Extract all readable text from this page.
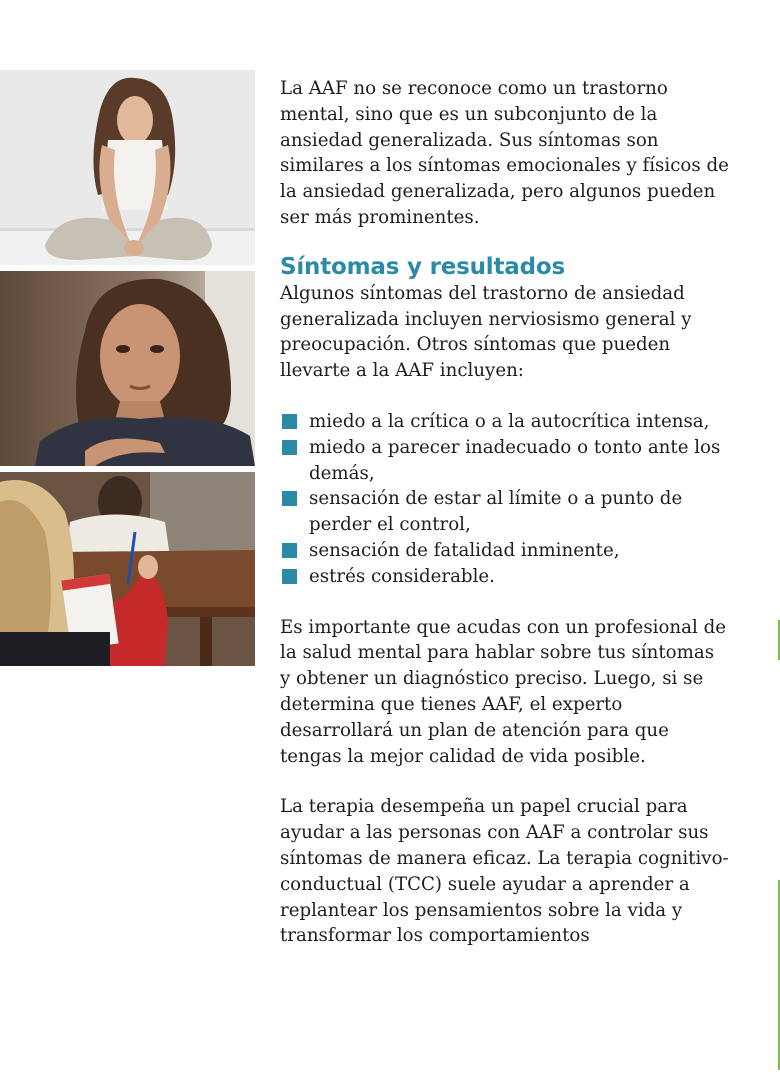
La AAF no se reconoce como un trastorno mental, sino que es un subconjunto de la ansiedad generalizada. Sus síntomas son similares a los síntomas emocionales y físicos de la ansiedad generalizada, pero algunos pueden ser más prominentes.

Síntomas y resultados

Algunos síntomas del trastorno de ansiedad generalizada incluyen nerviosismo general y preocupación. Otros síntomas que pueden llevarte a la AAF incluyen:

miedo a la crítica o a la autocrítica intensa,
miedo a parecer inadecuado o tonto ante los demás,
sensación de estar al límite o a punto de perder el control,
sensación de fatalidad inminente,
estrés considerable.

Es importante que acudas con un profesional de la salud mental para hablar sobre tus síntomas y obtener un diagnóstico preciso. Luego, si se determina que tienes AAF, el experto desarrollará un plan de atención para que tengas la mejor calidad de vida posible.

La terapia desempeña un papel crucial para ayudar a las personas con AAF a controlar sus síntomas de manera eficaz. La terapia cognitivo-conductual (TCC) suele ayudar a aprender a replantear los pensamientos sobre la vida y transformar los comportamientos
